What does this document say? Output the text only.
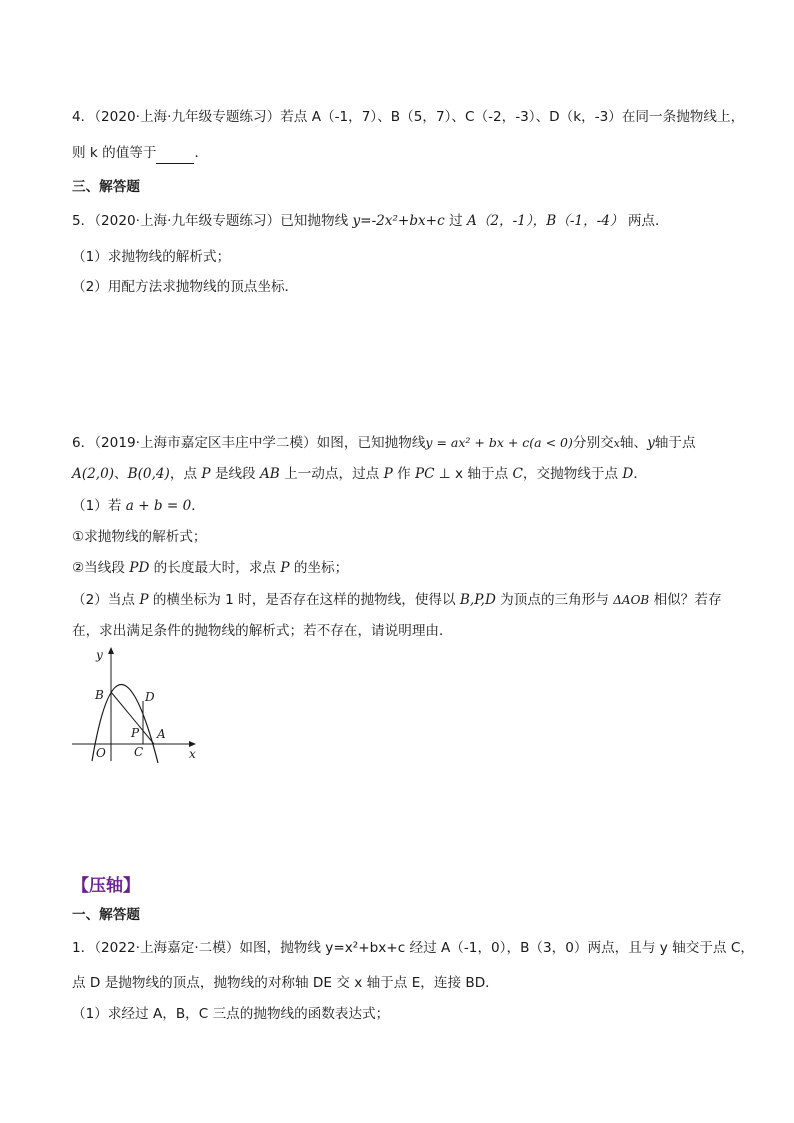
4．（2020·上海·九年级专题练习）若点 A（-1，7）、B（5，7）、C（-2，-3）、D（k，-3）在同一条抛物线上，
则 k 的值等于	．
三、解答题
5．（2020·上海·九年级专题练习）已知抛物线 y=-2x²+bx+c 过 A（2，-1），B（-1，-4） 两点．
（1）求抛物线的解析式；
（2）用配方法求抛物线的顶点坐标．
6．（2019·上海市嘉定区丰庄中学二模）如图，已知抛物线y = ax² + bx + c(a < 0)分别交x轴、y轴于点
A(2,0)、B(0,4)，点 P 是线段 AB 上一动点，过点 P 作 PC ⊥ x 轴于点 C，交抛物线于点 D．
（1）若 a + b = 0．
①求抛物线的解析式；
②当线段 PD 的长度最大时，求点 P 的坐标；
（2）当点 P 的横坐标为 1 时，是否存在这样的抛物线，使得以 B,P,D 为顶点的三角形与 ΔAOB 相似？若存
在，求出满足条件的抛物线的解析式；若不存在，请说明理由．
y
x
B	D
P A
O C
【压轴】
一、解答题
1．（2022·上海嘉定·二模）如图，抛物线 y=x²+bx+c 经过 A（-1，0），B（3，0）两点，且与 y 轴交于点 C，
点 D 是抛物线的顶点，抛物线的对称轴 DE 交 x 轴于点 E，连接 BD．
（1）求经过 A，B，C 三点的抛物线的函数表达式；
